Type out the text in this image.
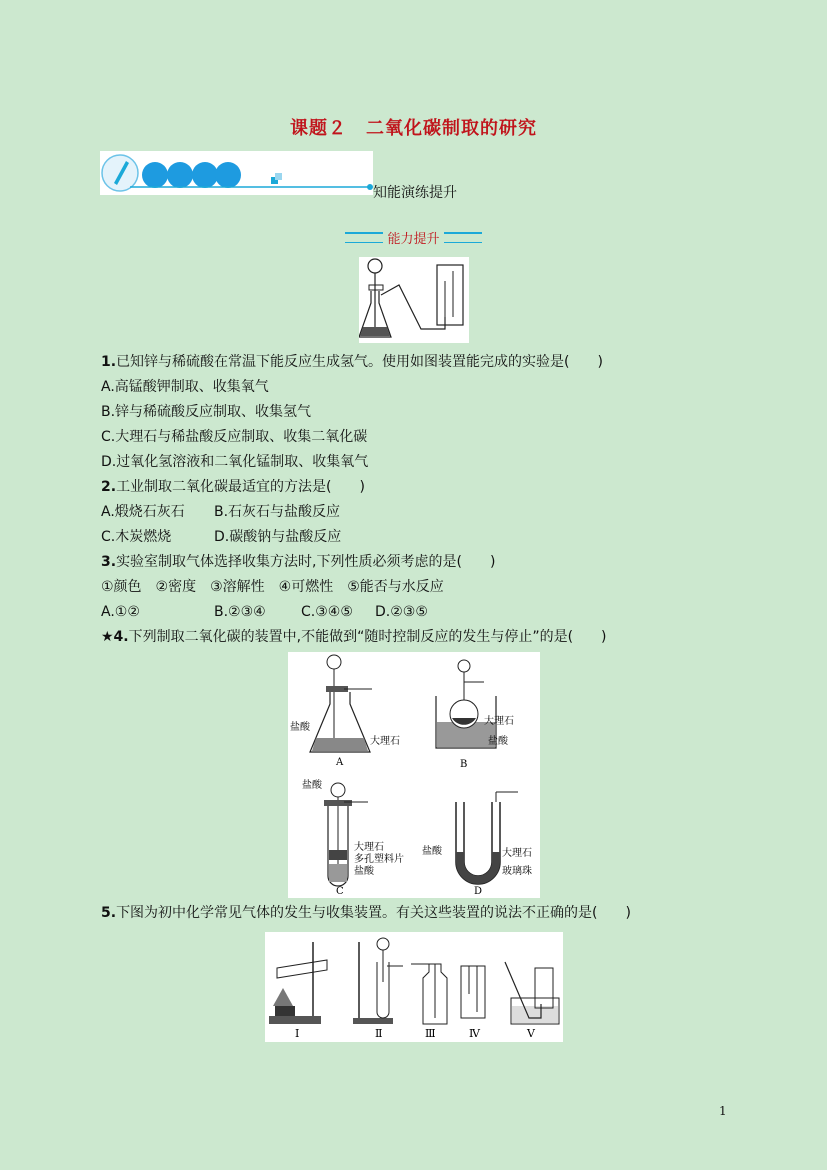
课题２　二氧化碳制取的研究
知能演练提升
能力提升
1.已知锌与稀硫酸在常温下能反应生成氢气。使用如图装置能完成的实验是(　　)
A.高锰酸钾制取、收集氧气
B.锌与稀硫酸反应制取、收集氢气
C.大理石与稀盐酸反应制取、收集二氧化碳
D.过氧化氢溶液和二氧化锰制取、收集氧气
2.工业制取二氧化碳最适宜的方法是(　　)
A.煅烧石灰石 B.石灰石与盐酸反应
C.木炭燃烧	D.碳酸钠与盐酸反应
3.实验室制取气体选择收集方法时,下列性质必须考虑的是(　　)
①颜色　②密度　③溶解性　④可燃性　⑤能否与水反应
A.①②	B.②③④	C.③④⑤ D.②③⑤
★4.下列制取二氧化碳的装置中,不能做到“随时控制反应的发生与停止”的是(　　)
盐酸
大理石
A
大理石
盐酸
B
盐酸
大理石
多孔塑料片
盐酸
C
盐酸	大理石
玻璃珠
D
5.下图为初中化学常见气体的发生与收集装置。有关这些装置的说法不正确的是(　　)
Ⅰ	Ⅱ	Ⅲ	Ⅳ	Ⅴ
1
